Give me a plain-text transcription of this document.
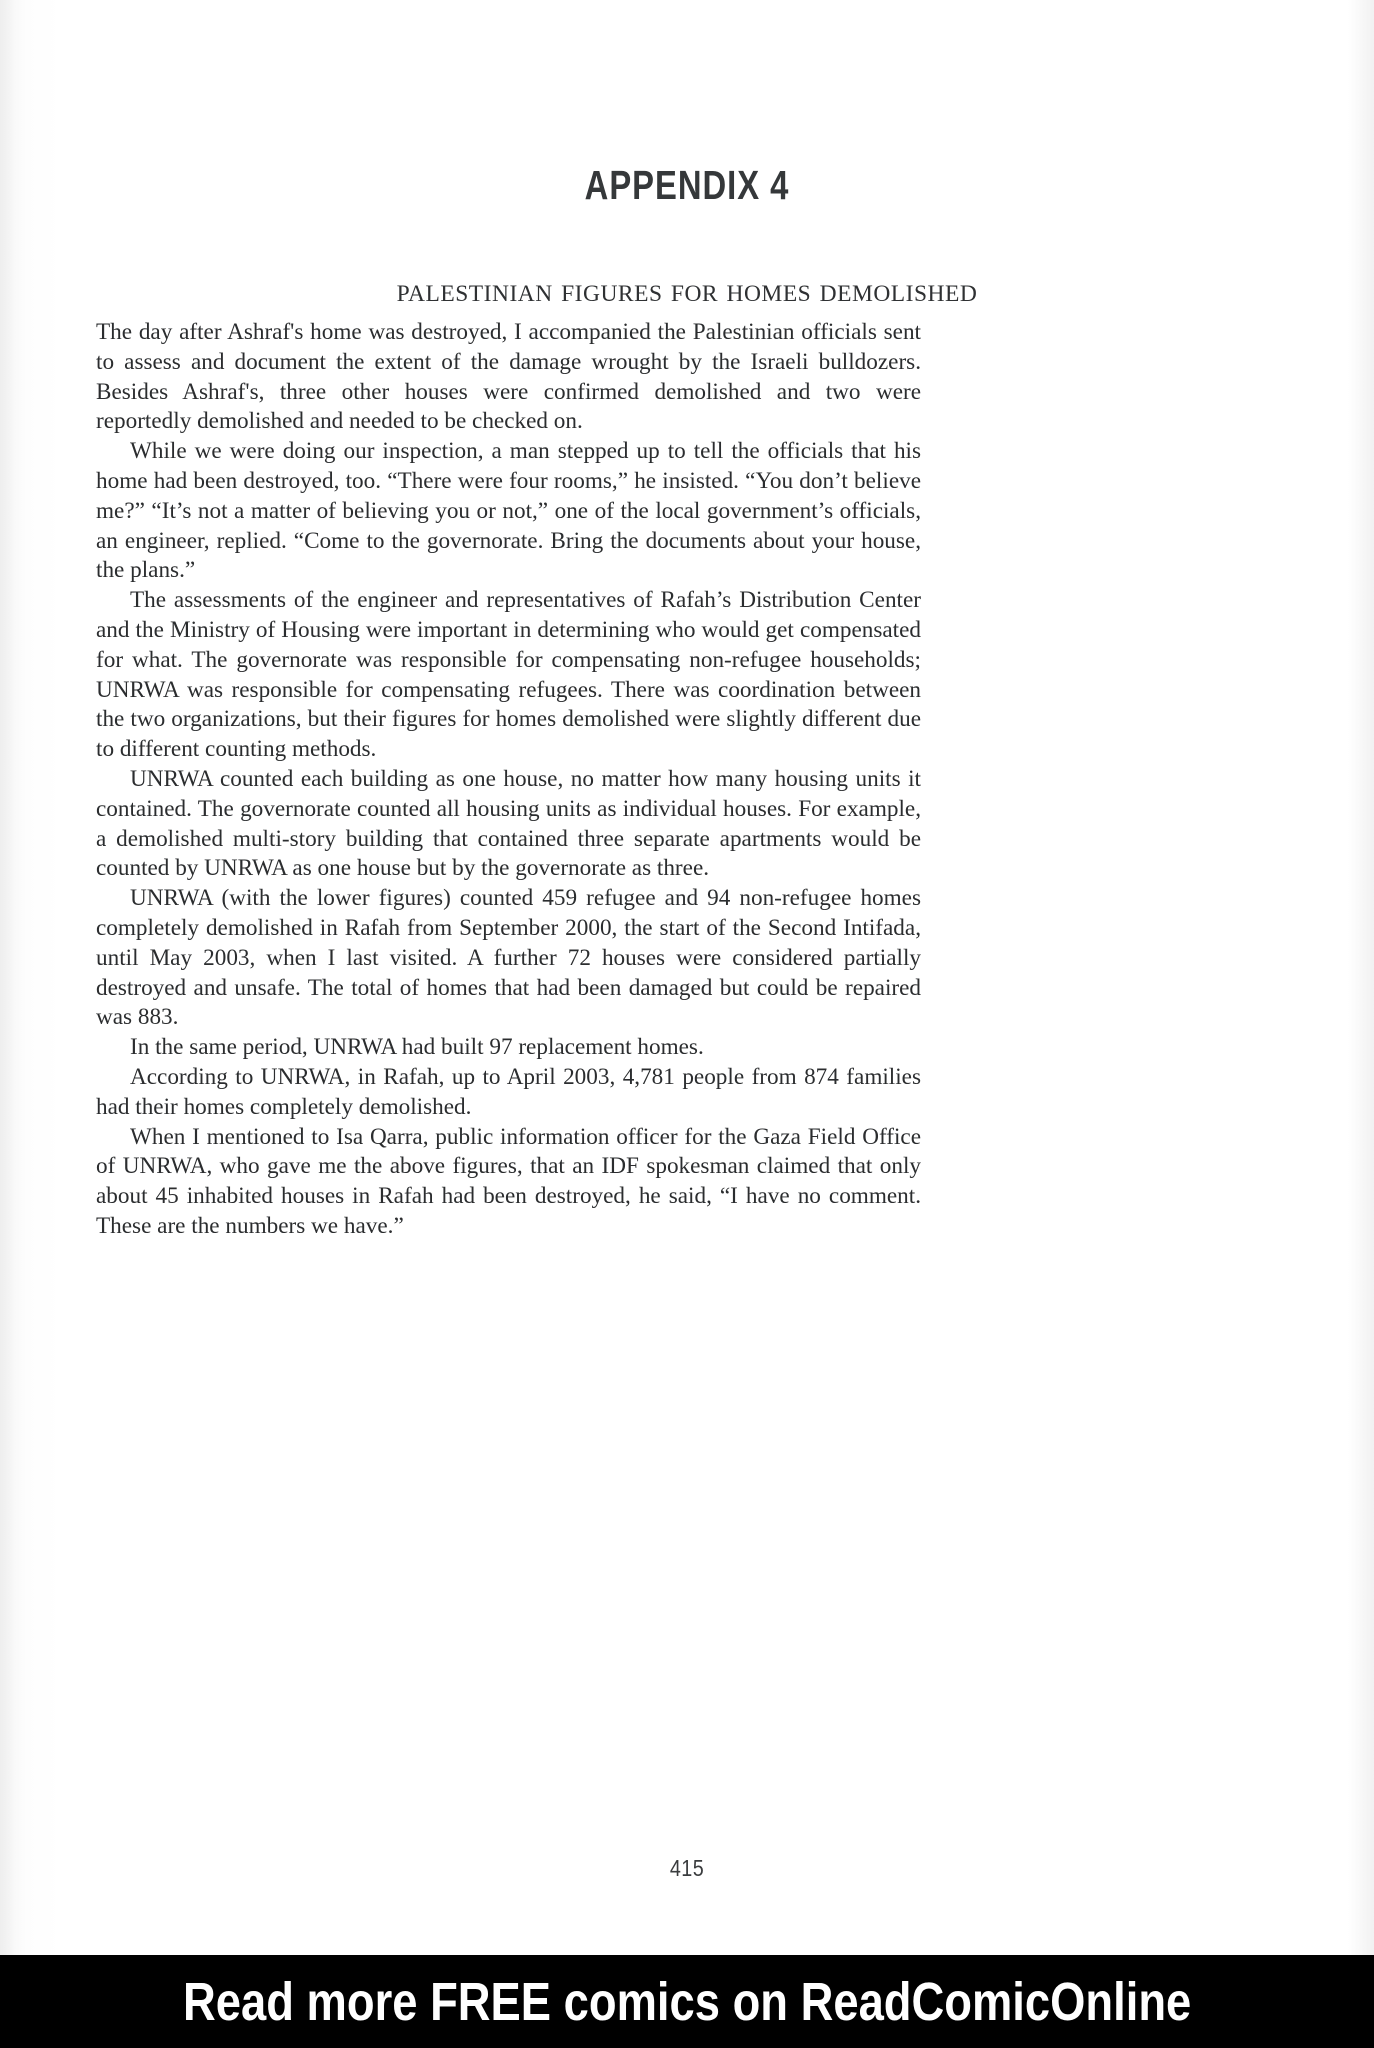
APPENDIX 4
PALESTINIAN FIGURES FOR HOMES DEMOLISHED

The day after Ashraf's home was destroyed, I accompanied the Palestinian officials sent to assess and document the extent of the damage wrought by the Israeli bulldozers. Besides Ashraf's, three other houses were confirmed demolished and two were reportedly demolished and needed to be checked on.

While we were doing our inspection, a man stepped up to tell the officials that his home had been destroyed, too. “There were four rooms,” he insisted. “You don’t believe me?” “It’s not a matter of believing you or not,” one of the local government’s officials, an engineer, replied. “Come to the governorate. Bring the documents about your house, the plans.”

The assessments of the engineer and representatives of Rafah’s Distribution Center and the Ministry of Housing were important in determining who would get compensated for what. The governorate was responsible for compensating non-refugee households; UNRWA was responsible for compensating refugees. There was coordination between the two organizations, but their figures for homes demolished were slightly different due to different counting methods.

UNRWA counted each building as one house, no matter how many housing units it contained. The governorate counted all housing units as individual houses. For example, a demolished multi-story building that contained three separate apartments would be counted by UNRWA as one house but by the governorate as three.

UNRWA (with the lower figures) counted 459 refugee and 94 non-refugee homes completely demolished in Rafah from September 2000, the start of the Second Intifada, until May 2003, when I last visited. A further 72 houses were considered partially destroyed and unsafe. The total of homes that had been damaged but could be repaired was 883.

In the same period, UNRWA had built 97 replacement homes.

According to UNRWA, in Rafah, up to April 2003, 4,781 people from 874 families had their homes completely demolished.

When I mentioned to Isa Qarra, public information officer for the Gaza Field Office of UNRWA, who gave me the above figures, that an IDF spokesman claimed that only about 45 inhabited houses in Rafah had been destroyed, he said, “I have no comment. These are the numbers we have.”

415
Read more FREE comics on ReadComicOnline
